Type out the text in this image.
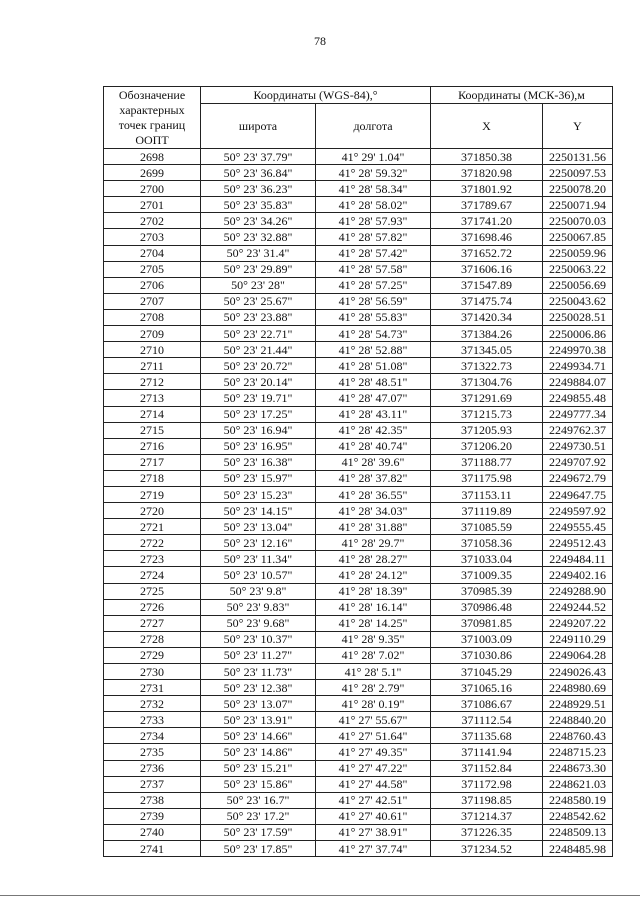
78
Обозначение характерных точек границ ООПТ	Координаты (WGS-84),°		Координаты (МСК-36),м	
	широта	долгота	X	Y
2698	50° 23' 37.79"	41° 29' 1.04"	371850.38	2250131.56
2699	50° 23' 36.84"	41° 28' 59.32"	371820.98	2250097.53
2700	50° 23' 36.23"	41° 28' 58.34"	371801.92	2250078.20
2701	50° 23' 35.83"	41° 28' 58.02"	371789.67	2250071.94
2702	50° 23' 34.26"	41° 28' 57.93"	371741.20	2250070.03
2703	50° 23' 32.88"	41° 28' 57.82"	371698.46	2250067.85
2704	50° 23' 31.4"	41° 28' 57.42"	371652.72	2250059.96
2705	50° 23' 29.89"	41° 28' 57.58"	371606.16	2250063.22
2706	50° 23' 28"	41° 28' 57.25"	371547.89	2250056.69
2707	50° 23' 25.67"	41° 28' 56.59"	371475.74	2250043.62
2708	50° 23' 23.88"	41° 28' 55.83"	371420.34	2250028.51
2709	50° 23' 22.71"	41° 28' 54.73"	371384.26	2250006.86
2710	50° 23' 21.44"	41° 28' 52.88"	371345.05	2249970.38
2711	50° 23' 20.72"	41° 28' 51.08"	371322.73	2249934.71
2712	50° 23' 20.14"	41° 28' 48.51"	371304.76	2249884.07
2713	50° 23' 19.71"	41° 28' 47.07"	371291.69	2249855.48
2714	50° 23' 17.25"	41° 28' 43.11"	371215.73	2249777.34
2715	50° 23' 16.94"	41° 28' 42.35"	371205.93	2249762.37
2716	50° 23' 16.95"	41° 28' 40.74"	371206.20	2249730.51
2717	50° 23' 16.38"	41° 28' 39.6"	371188.77	2249707.92
2718	50° 23' 15.97"	41° 28' 37.82"	371175.98	2249672.79
2719	50° 23' 15.23"	41° 28' 36.55"	371153.11	2249647.75
2720	50° 23' 14.15"	41° 28' 34.03"	371119.89	2249597.92
2721	50° 23' 13.04"	41° 28' 31.88"	371085.59	2249555.45
2722	50° 23' 12.16"	41° 28' 29.7"	371058.36	2249512.43
2723	50° 23' 11.34"	41° 28' 28.27"	371033.04	2249484.11
2724	50° 23' 10.57"	41° 28' 24.12"	371009.35	2249402.16
2725	50° 23' 9.8"	41° 28' 18.39"	370985.39	2249288.90
2726	50° 23' 9.83"	41° 28' 16.14"	370986.48	2249244.52
2727	50° 23' 9.68"	41° 28' 14.25"	370981.85	2249207.22
2728	50° 23' 10.37"	41° 28' 9.35"	371003.09	2249110.29
2729	50° 23' 11.27"	41° 28' 7.02"	371030.86	2249064.28
2730	50° 23' 11.73"	41° 28' 5.1"	371045.29	2249026.43
2731	50° 23' 12.38"	41° 28' 2.79"	371065.16	2248980.69
2732	50° 23' 13.07"	41° 28' 0.19"	371086.67	2248929.51
2733	50° 23' 13.91"	41° 27' 55.67"	371112.54	2248840.20
2734	50° 23' 14.66"	41° 27' 51.64"	371135.68	2248760.43
2735	50° 23' 14.86"	41° 27' 49.35"	371141.94	2248715.23
2736	50° 23' 15.21"	41° 27' 47.22"	371152.84	2248673.30
2737	50° 23' 15.86"	41° 27' 44.58"	371172.98	2248621.03
2738	50° 23' 16.7"	41° 27' 42.51"	371198.85	2248580.19
2739	50° 23' 17.2"	41° 27' 40.61"	371214.37	2248542.62
2740	50° 23' 17.59"	41° 27' 38.91"	371226.35	2248509.13
2741	50° 23' 17.85"	41° 27' 37.74"	371234.52	2248485.98
